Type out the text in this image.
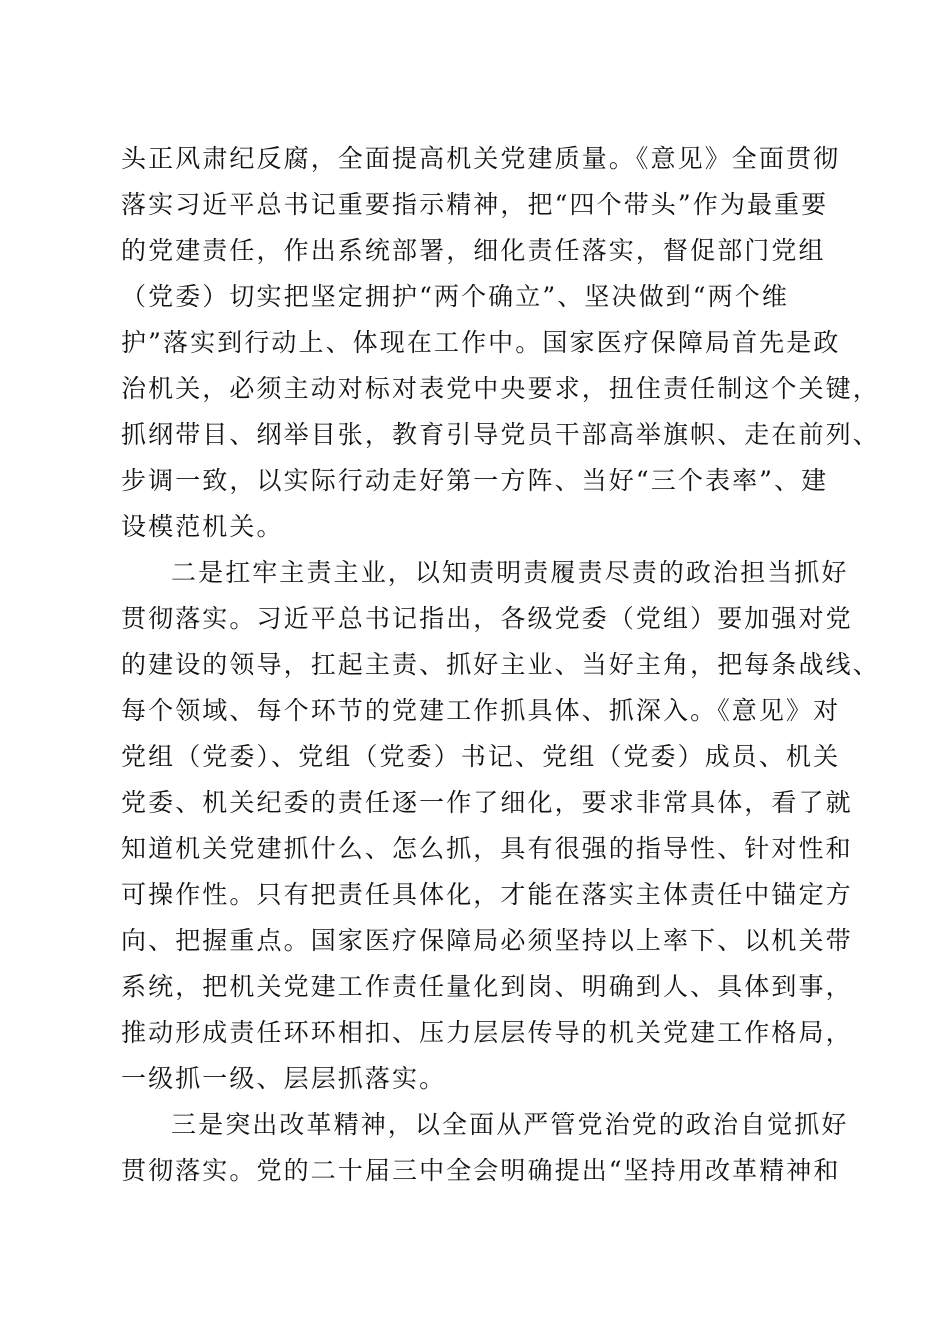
头正风肃纪反腐，全面提高机关党建质量。《意见》全面贯彻
落实习近平总书记重要指示精神，把“四个带头”作为最重要
的党建责任，作出系统部署，细化责任落实，督促部门党组
（党委）切实把坚定拥护“两个确立”、坚决做到“两个维
护”落实到行动上、体现在工作中。国家医疗保障局首先是政
治机关，必须主动对标对表党中央要求，扭住责任制这个关键，
抓纲带目、纲举目张，教育引导党员干部高举旗帜、走在前列、
步调一致，以实际行动走好第一方阵、当好“三个表率”、建
设模范机关。
二是扛牢主责主业，以知责明责履责尽责的政治担当抓好
贯彻落实。习近平总书记指出，各级党委（党组）要加强对党
的建设的领导，扛起主责、抓好主业、当好主角，把每条战线、
每个领域、每个环节的党建工作抓具体、抓深入。《意见》对
党组（党委）、党组（党委）书记、党组（党委）成员、机关
党委、机关纪委的责任逐一作了细化，要求非常具体，看了就
知道机关党建抓什么、怎么抓，具有很强的指导性、针对性和
可操作性。只有把责任具体化，才能在落实主体责任中锚定方
向、把握重点。国家医疗保障局必须坚持以上率下、以机关带
系统，把机关党建工作责任量化到岗、明确到人、具体到事，
推动形成责任环环相扣、压力层层传导的机关党建工作格局，
一级抓一级、层层抓落实。
三是突出改革精神，以全面从严管党治党的政治自觉抓好
贯彻落实。党的二十届三中全会明确提出“坚持用改革精神和
